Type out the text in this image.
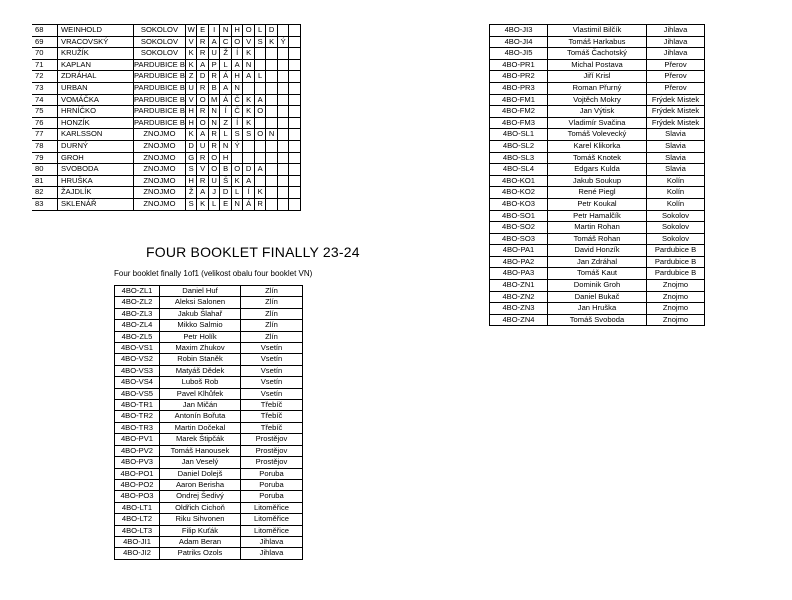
68	WEINHOLD	SOKOLOV	W	E	I	N	H	O	L	D		
69	VRACOVSKÝ	SOKOLOV	V	R	A	C	O	V	S	K	Ý	
70	KRUŽÍK	SOKOLOV	K	R	U	Ž	Í	K				
71	KAPLAN	PARDUBICE B	K	A	P	L	A	N				
72	ZDRÁHAL	PARDUBICE B	Z	D	R	Á	H	A	L			
73	URBAN	PARDUBICE B	U	R	B	A	N					
74	VOMÁČKA	PARDUBICE B	V	O	M	Á	Č	K	A			
75	HRNÍČKO	PARDUBICE B	H	R	N	Í	Č	K	O			
76	HONZÍK	PARDUBICE B	H	O	N	Z	Í	K				
77	KARLSSON	ZNOJMO	K	A	R	L	S	S	O	N		
78	DURNÝ	ZNOJMO	D	U	R	N	Ý					
79	GROH	ZNOJMO	G	R	O	H						
80	SVOBODA	ZNOJMO	S	V	O	B	O	D	A			
81	HRUŠKA	ZNOJMO	H	R	U	Š	K	A				
82	ŽAJDLÍK	ZNOJMO	Ž	A	J	D	L	Í	K			
83	SKLENÁŘ	ZNOJMO	S	K	L	E	N	Á	R			
FOUR BOOKLET FINALLY 23-24
Four booklet finally 1of1 (velikost obalu four booklet VN)
4BO-ZL1	Daniel Huf	Zlín
4BO-ZL2	Aleksi Salonen	Zlín
4BO-ZL3	Jakub Šlahař	Zlín
4BO-ZL4	Mikko Salmio	Zlín
4BO-ZL5	Petr Holík	Zlín
4BO-VS1	Maxim Zhukov	Vsetín
4BO-VS2	Robin Staněk	Vsetín
4BO-VS3	Matyáš Dědek	Vsetín
4BO-VS4	Luboš Rob	Vsetín
4BO-VS5	Pavel Klhůfek	Vsetín
4BO-TR1	Jan Mičán	Třebíč
4BO-TR2	Antonín Bořuta	Třebíč
4BO-TR3	Martin Dočekal	Třebíč
4BO-PV1	Marek Štipčák	Prostějov
4BO-PV2	Tomáš Hanousek	Prostějov
4BO-PV3	Jan Veselý	Prostějov
4BO-PO1	Daniel Dolejš	Poruba
4BO-PO2	Aaron Berisha	Poruba
4BO-PO3	Ondrej Šedivý	Poruba
4BO-LT1	Oldřich Cichoň	Litoměřice
4BO-LT2	Riku Sihvonen	Litoměřice
4BO-LT3	Filip Kuťák	Litoměřice
4BO-JI1	Adam Beran	Jihlava
4BO-JI2	Patriks Ozols	Jihlava
4BO-JI3	Vlastimil Bilčík	Jihlava
4BO-JI4	Tomáš Harkabus	Jihlava
4BO-JI5	Tomáš Čachotský	Jihlava
4BO-PR1	Michal Postava	Přerov
4BO-PR2	Jiří Krisl	Přerov
4BO-PR3	Roman Přurný	Přerov
4BO-FM1	Vojtěch Mokry	Frýdek Mistek
4BO-FM2	Jan Výtisk	Frýdek Mistek
4BO-FM3	Vladimír Svačina	Frýdek Mistek
4BO-SL1	Tomáš Volevecký	Slavia
4BO-SL2	Karel Klikorka	Slavia
4BO-SL3	Tomáš Knotek	Slavia
4BO-SL4	Edgars Kulda	Slavia
4BO-KO1	Jakub Soukup	Kolín
4BO-KO2	René Piegl	Kolín
4BO-KO3	Petr Koukal	Kolín
4BO-SO1	Petr Hamalčík	Sokolov
4BO-SO2	Martin Rohan	Sokolov
4BO-SO3	Tomáš Rohan	Sokolov
4BO-PA1	David Honzík	Pardubice B
4BO-PA2	Jan Zdráhal	Pardubice B
4BO-PA3	Tomáš Kaut	Pardubice B
4BO-ZN1	Dominik Groh	Znojmo
4BO-ZN2	Daniel Bukač	Znojmo
4BO-ZN3	Jan Hruška	Znojmo
4BO-ZN4	Tomáš Svoboda	Znojmo
